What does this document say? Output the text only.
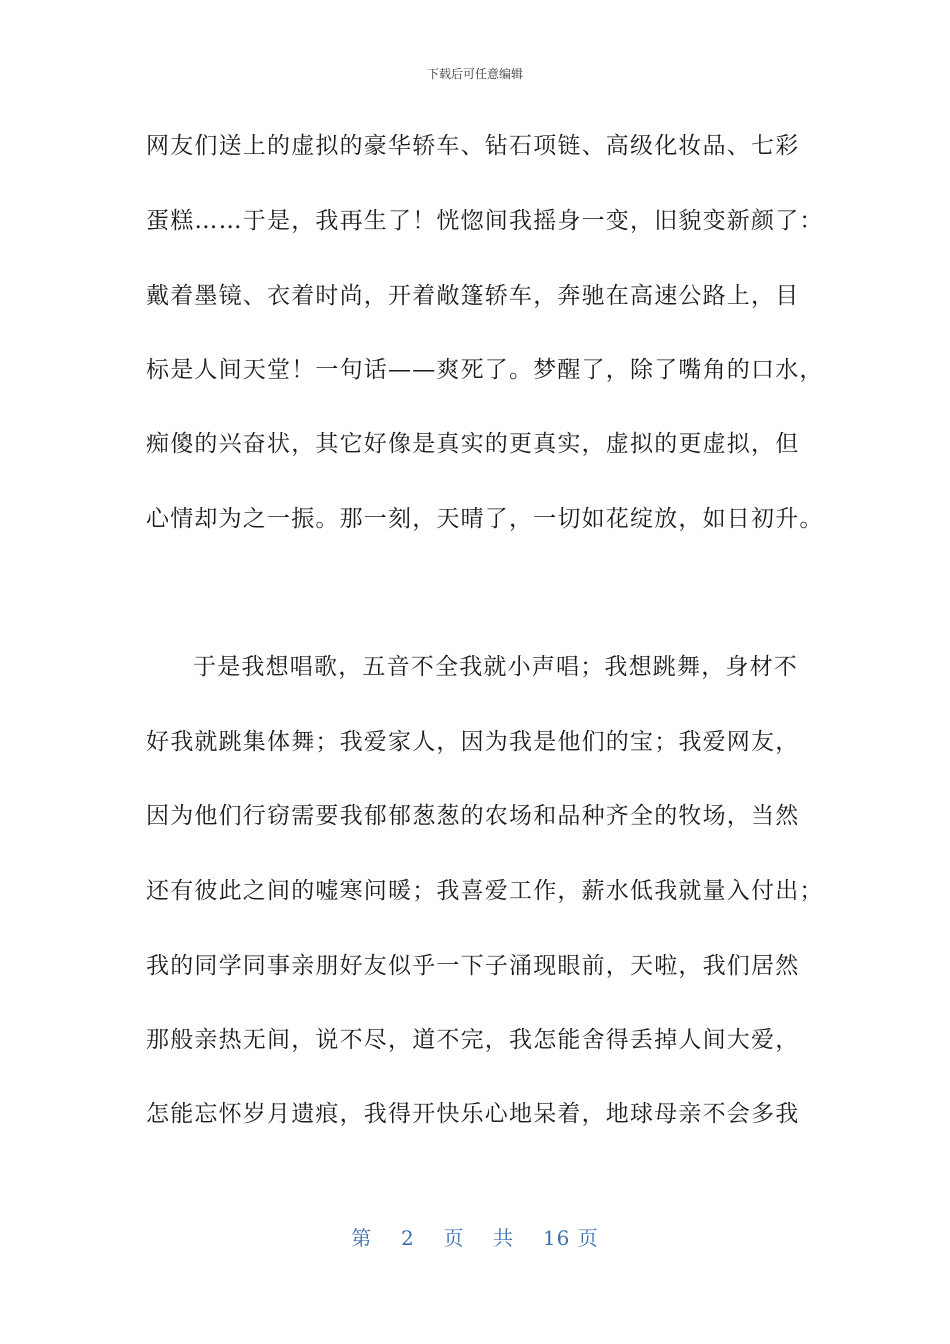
下载后可任意编辑
网友们送上的虚拟的豪华轿车、钻石项链、高级化妆品、七彩
蛋糕……于是，我再生了！恍惚间我摇身一变，旧貌变新颜了：
戴着墨镜、衣着时尚，开着敞篷轿车，奔驰在高速公路上，目
标是人间天堂！一句话——爽死了。梦醒了，除了嘴角的口水，
痴傻的兴奋状，其它好像是真实的更真实，虚拟的更虚拟，但
心情却为之一振。那一刻，天晴了，一切如花绽放，如日初升。
于是我想唱歌，五音不全我就小声唱；我想跳舞，身材不
好我就跳集体舞；我爱家人，因为我是他们的宝；我爱网友，
因为他们行窃需要我郁郁葱葱的农场和品种齐全的牧场，当然
还有彼此之间的嘘寒问暖；我喜爱工作，薪水低我就量入付出；
我的同学同事亲朋好友似乎一下子涌现眼前，天啦，我们居然
那般亲热无间，说不尽，道不完，我怎能舍得丢掉人间大爱，
怎能忘怀岁月遗痕，我得开快乐心地呆着，地球母亲不会多我
第 2 页 共 16 页
